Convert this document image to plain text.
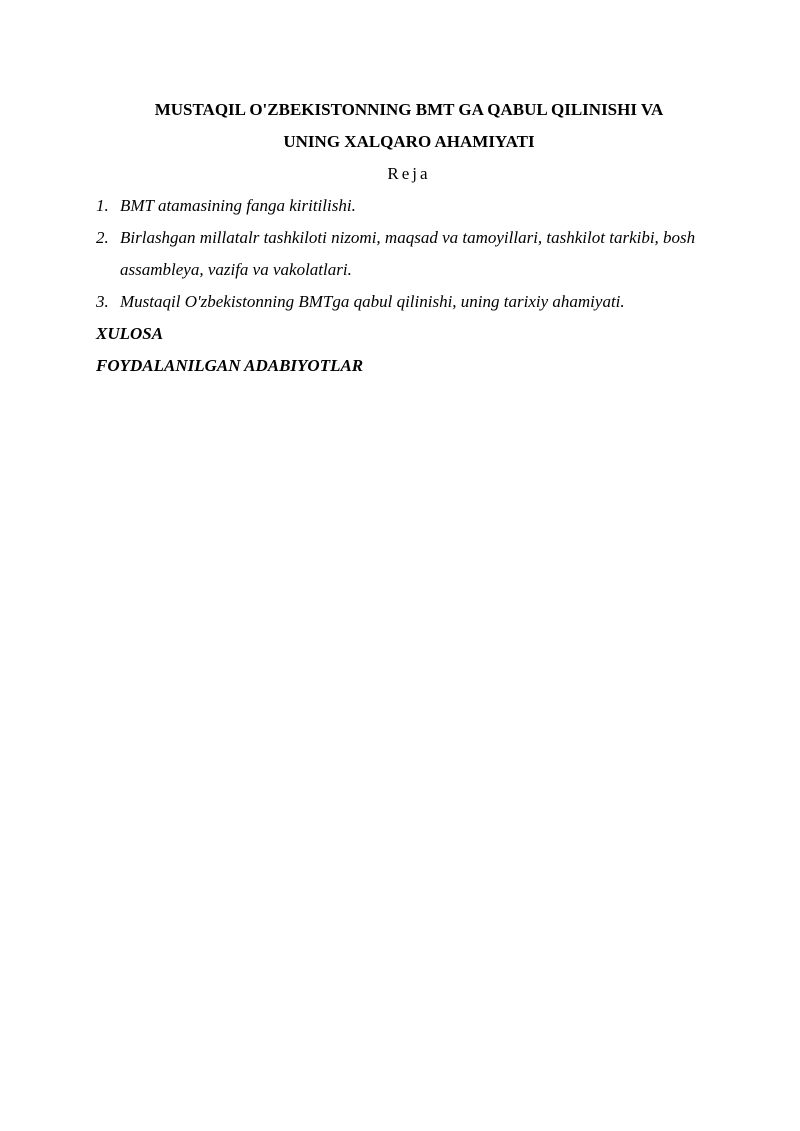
MUSTAQIL O'ZBEKISTONNING BMT GA QABUL QILINISHI VA
UNING XALQARO AHAMIYATI

Reja

1. BMT atamasining fanga kiritilishi.
2. Birlashgan millatalr tashkiloti nizomi, maqsad va tamoyillari, tashkilot tarkibi, bosh assambleya, vazifa va vakolatlari.
3. Mustaqil O'zbekistonning BMTga qabul qilinishi, uning tarixiy ahamiyati.

XULOSA

FOYDALANILGAN ADABIYOTLAR
